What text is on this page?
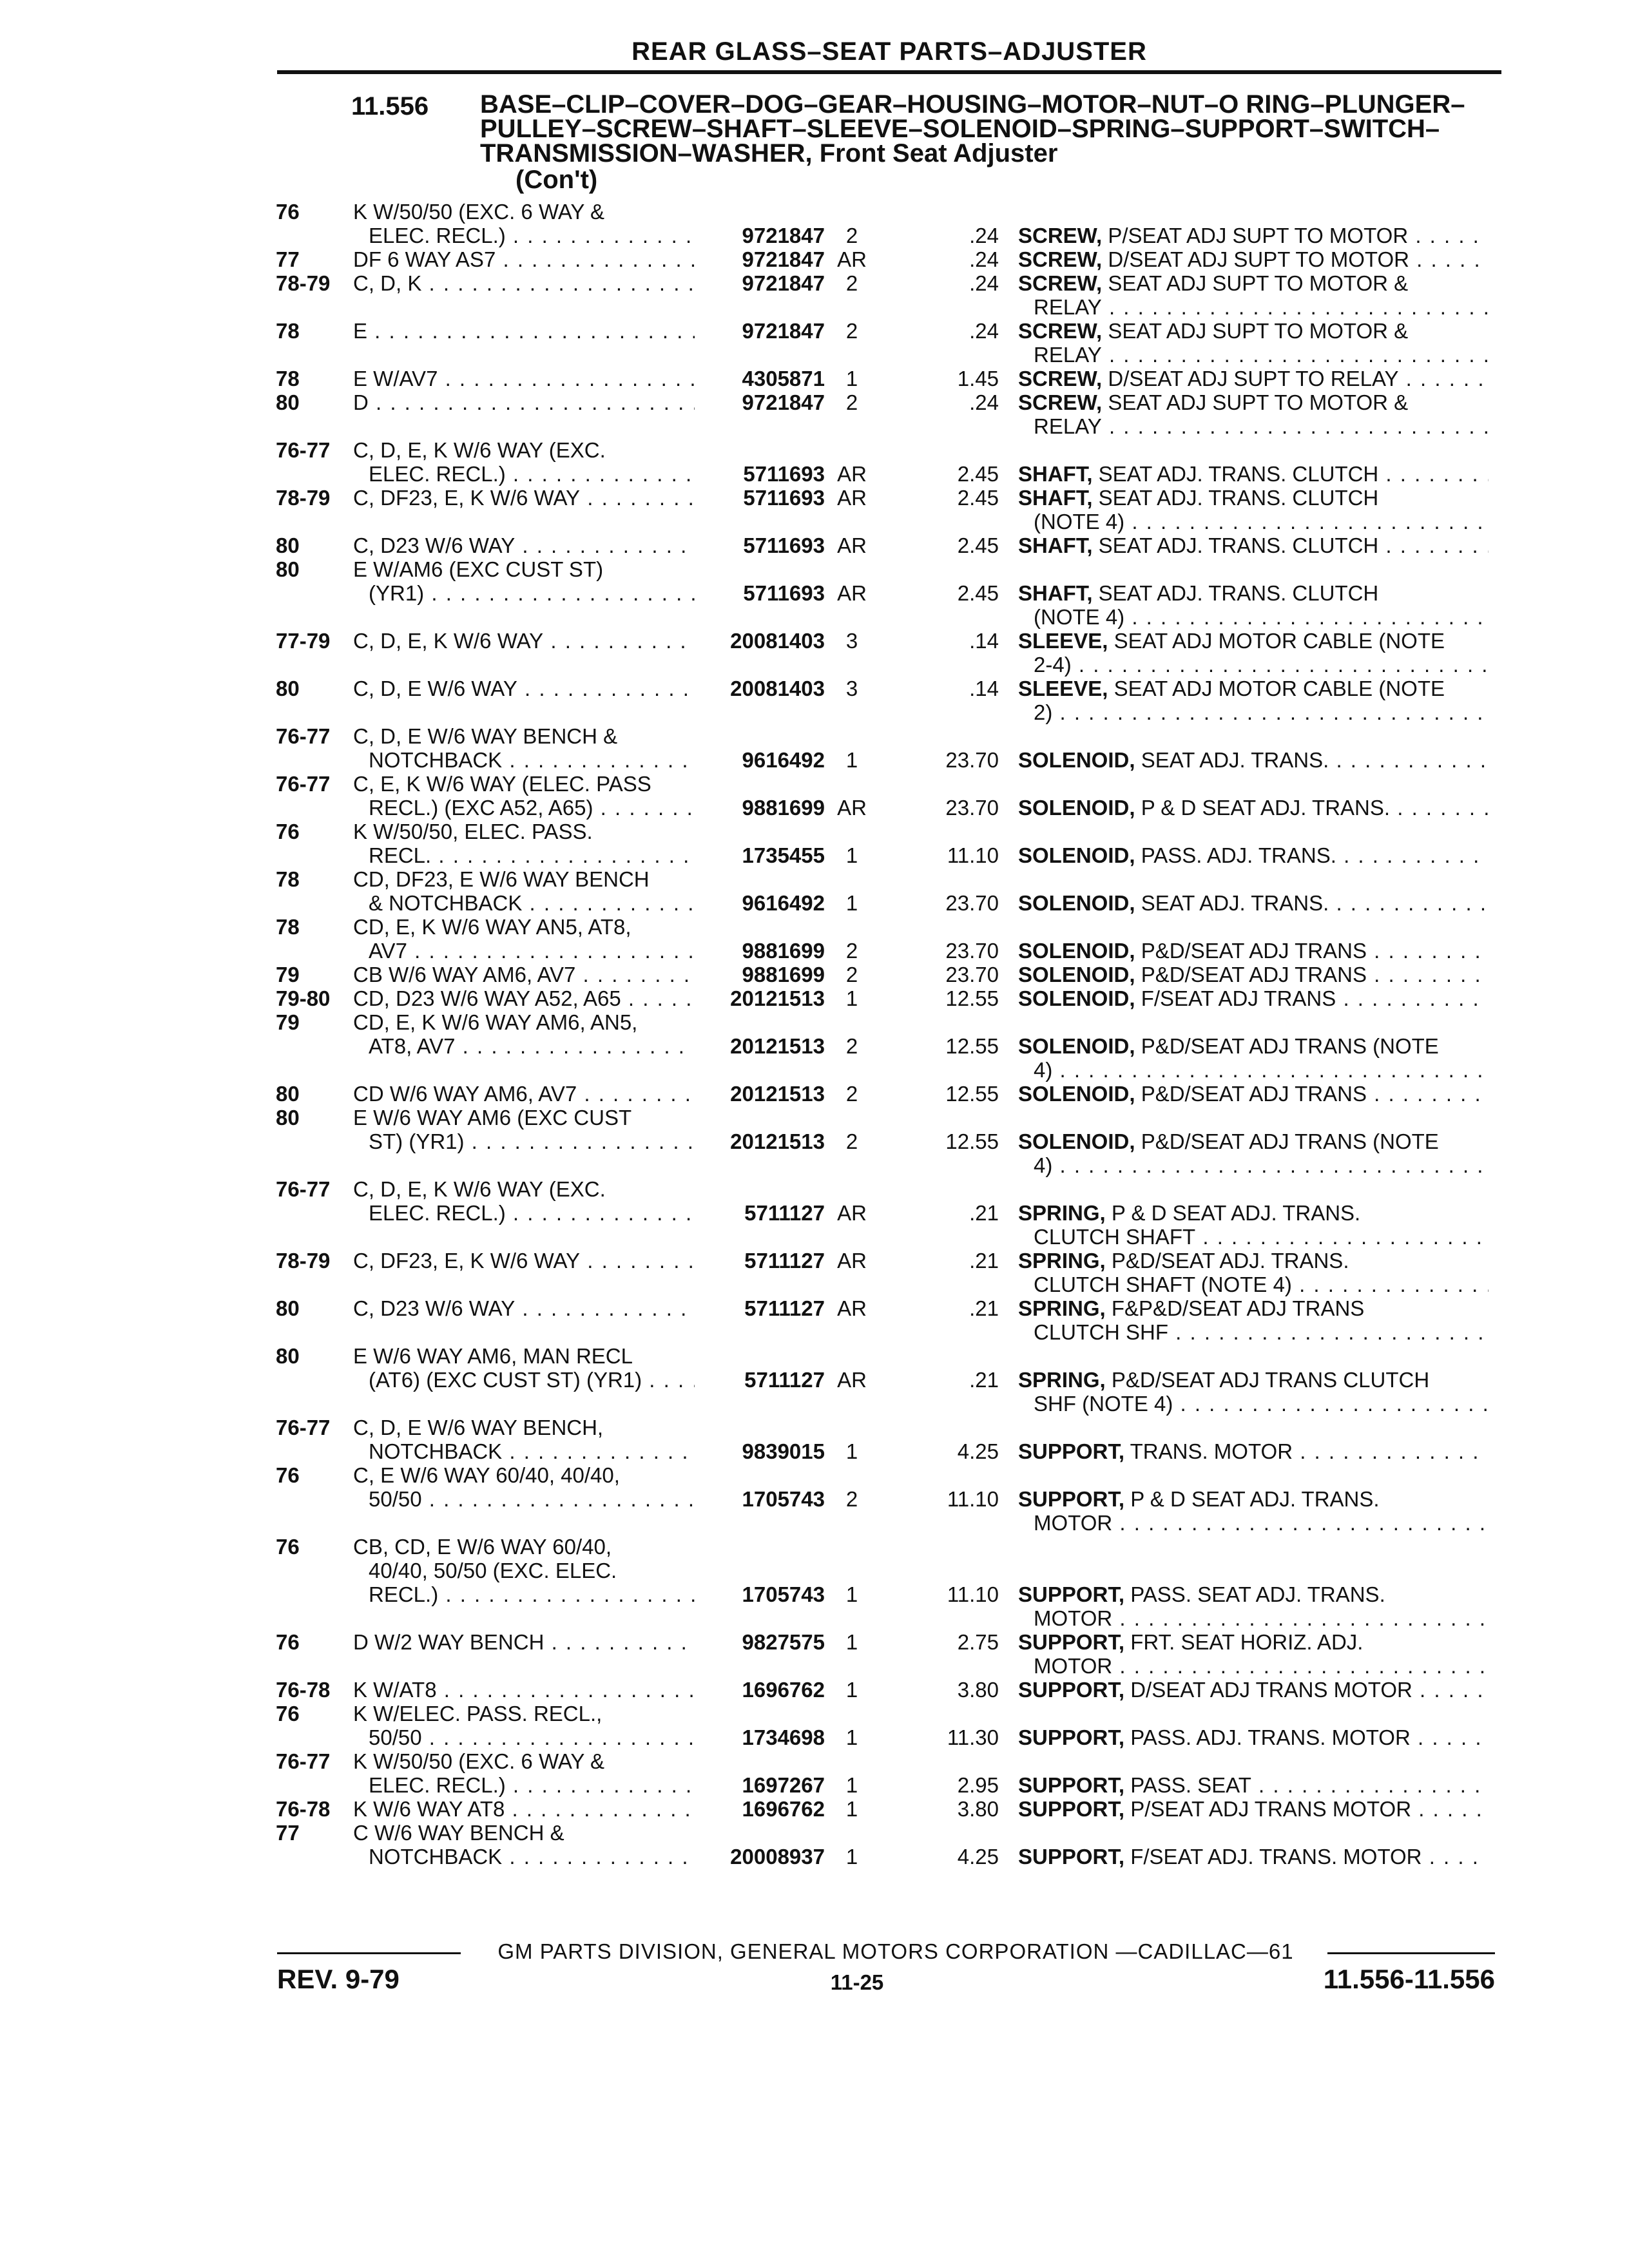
REAR GLASS–SEAT PARTS–ADJUSTER
11.556 BASE–CLIP–COVER–DOG–GEAR–HOUSING–MOTOR–NUT–O RING–PLUNGER–PULLEY–SCREW–SHAFT–SLEEVE–SOLENOID–SPRING–SUPPORT–SWITCH–TRANSMISSION–WASHER, Front Seat Adjuster
(Con't)
76	K W/50/50 (EXC. 6 WAY &
ELEC. RECL.) . . .	9721847 2	.24 SCREW, P/SEAT ADJ SUPT TO MOTOR . . .
77	DF 6 WAY AS7 . . .	9721847 AR	.24 SCREW, D/SEAT ADJ SUPT TO MOTOR . . .
78-79	C, D, K . . .	9721847 2	.24 SCREW, SEAT ADJ SUPT TO MOTOR &
RELAY . . .
78	E . . .	9721847 2	.24 SCREW, SEAT ADJ SUPT TO MOTOR &
RELAY . . .
78	E W/AV7 . . .	4305871 1	1.45 SCREW, D/SEAT ADJ SUPT TO RELAY . . .
80	D . . .	9721847 2	.24 SCREW, SEAT ADJ SUPT TO MOTOR &
RELAY . . .
76-77	C, D, E, K W/6 WAY (EXC.
ELEC. RECL.) . . .	5711693 AR	2.45 SHAFT, SEAT ADJ. TRANS. CLUTCH . . .
78-79	C, DF23, E, K W/6 WAY . . .	5711693 AR	2.45 SHAFT, SEAT ADJ. TRANS. CLUTCH
(NOTE 4) . . .
80	C, D23 W/6 WAY . . .	5711693 AR	2.45 SHAFT, SEAT ADJ. TRANS. CLUTCH . . .
80	E W/AM6 (EXC CUST ST)
(YR1) . . .	5711693 AR	2.45 SHAFT, SEAT ADJ. TRANS. CLUTCH
(NOTE 4) . . .
77-79	C, D, E, K W/6 WAY . . .	20081403 3	.14 SLEEVE, SEAT ADJ MOTOR CABLE (NOTE
2-4) . . .
80	C, D, E W/6 WAY . . .	20081403 3	.14 SLEEVE, SEAT ADJ MOTOR CABLE (NOTE
2) . . .
76-77	C, D, E W/6 WAY BENCH &
NOTCHBACK . . .	9616492 1	23.70 SOLENOID, SEAT ADJ. TRANS. . . .
76-77	C, E, K W/6 WAY (ELEC. PASS
RECL.) (EXC A52, A65) . . .	9881699 AR	23.70 SOLENOID, P & D SEAT ADJ. TRANS. . . .
76	K W/50/50, ELEC. PASS.
RECL. . . .	1735455 1	11.10 SOLENOID, PASS. ADJ. TRANS. . . .
78	CD, DF23, E W/6 WAY BENCH
& NOTCHBACK . . .	9616492 1	23.70 SOLENOID, SEAT ADJ. TRANS. . . .
78	CD, E, K W/6 WAY AN5, AT8,
AV7 . . .	9881699 2	23.70 SOLENOID, P&D/SEAT ADJ TRANS . . .
79	CB W/6 WAY AM6, AV7 . . .	9881699 2	23.70 SOLENOID, P&D/SEAT ADJ TRANS . . .
79-80	CD, D23 W/6 WAY A52, A65 . . .	20121513 1	12.55 SOLENOID, F/SEAT ADJ TRANS . . .
79	CD, E, K W/6 WAY AM6, AN5,
AT8, AV7 . . .	20121513 2	12.55 SOLENOID, P&D/SEAT ADJ TRANS (NOTE
4) . . .
80	CD W/6 WAY AM6, AV7 . . .	20121513 2	12.55 SOLENOID, P&D/SEAT ADJ TRANS . . .
80	E W/6 WAY AM6 (EXC CUST
ST) (YR1) . . .	20121513 2	12.55 SOLENOID, P&D/SEAT ADJ TRANS (NOTE
4) . . .
76-77	C, D, E, K W/6 WAY (EXC.
ELEC. RECL.) . . .	5711127 AR	.21 SPRING, P & D SEAT ADJ. TRANS.
CLUTCH SHAFT . . .
78-79	C, DF23, E, K W/6 WAY . . .	5711127 AR	.21 SPRING, P&D/SEAT ADJ. TRANS.
CLUTCH SHAFT (NOTE 4) . . .
80	C, D23 W/6 WAY . . .	5711127 AR	.21 SPRING, F&P&D/SEAT ADJ TRANS
CLUTCH SHF . . .
80	E W/6 WAY AM6, MAN RECL
(AT6) (EXC CUST ST) (YR1) . . .	5711127 AR	.21 SPRING, P&D/SEAT ADJ TRANS CLUTCH
SHF (NOTE 4) . . .
76-77	C, D, E W/6 WAY BENCH,
NOTCHBACK . . .	9839015 1	4.25 SUPPORT, TRANS. MOTOR . . .
76	C, E W/6 WAY 60/40, 40/40,
50/50 . . .	1705743 2	11.10 SUPPORT, P & D SEAT ADJ. TRANS.
MOTOR . . .
76	CB, CD, E W/6 WAY 60/40,
40/40, 50/50 (EXC. ELEC.
RECL.) . . .	1705743 1	11.10 SUPPORT, PASS. SEAT ADJ. TRANS.
MOTOR . . .
76	D W/2 WAY BENCH . . .	9827575 1	2.75 SUPPORT, FRT. SEAT HORIZ. ADJ.
MOTOR . . .
76-78	K W/AT8 . . .	1696762 1	3.80 SUPPORT, D/SEAT ADJ TRANS MOTOR . . .
76	K W/ELEC. PASS. RECL.,
50/50 . . .	1734698 1	11.30 SUPPORT, PASS. ADJ. TRANS. MOTOR . . .
76-77	K W/50/50 (EXC. 6 WAY &
ELEC. RECL.) . . .	1697267 1	2.95 SUPPORT, PASS. SEAT . . .
76-78	K W/6 WAY AT8 . . .	1696762 1	3.80 SUPPORT, P/SEAT ADJ TRANS MOTOR . . .
77	C W/6 WAY BENCH &
NOTCHBACK . . .	20008937 1	4.25 SUPPORT, F/SEAT ADJ. TRANS. MOTOR . . .
GM PARTS DIVISION, GENERAL MOTORS CORPORATION —CADILLAC—61
REV. 9-79	11-25	11.556-11.556
